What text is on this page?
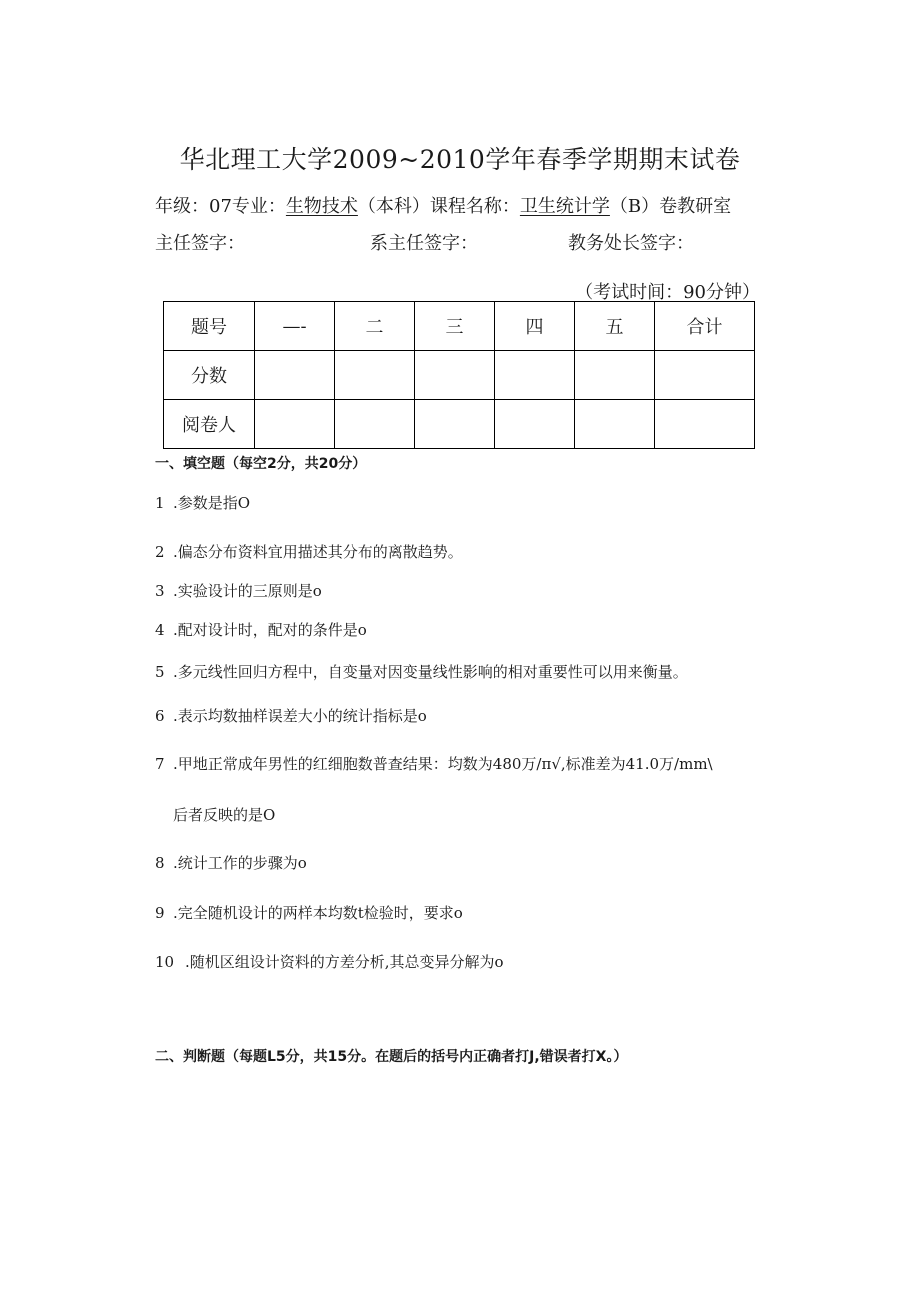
华北理工大学2009~2010学年春季学期期末试卷
年级：07专业：生物技术（本科）课程名称：卫生统计学（B）卷教研室
主任签字：	系主任签字：	教务处长签字：
（考试时间：90分钟）
题号	—-	二	三	四	五	合计
分数						
阅卷人						
一、填空题（每空2分，共20分）
1 .参数是指O
2 .偏态分布资料宜用描述其分布的离散趋势。
3 .实验设计的三原则是o
4 .配对设计时，配对的条件是o
5 .多元线性回归方程中，自变量对因变量线性影响的相对重要性可以用来衡量。
6 .表示均数抽样误差大小的统计指标是o
7 .甲地正常成年男性的红细胞数普查结果：均数为480万/π√,标准差为41.0万/mm\
后者反映的是O
8 .统计工作的步骤为o
9 .完全随机设计的两样本均数t检验时，要求o
10 .随机区组设计资料的方差分析,其总变异分解为o
二、判断题（每题L5分，共15分。在题后的括号内正确者打J,错误者打X。）
